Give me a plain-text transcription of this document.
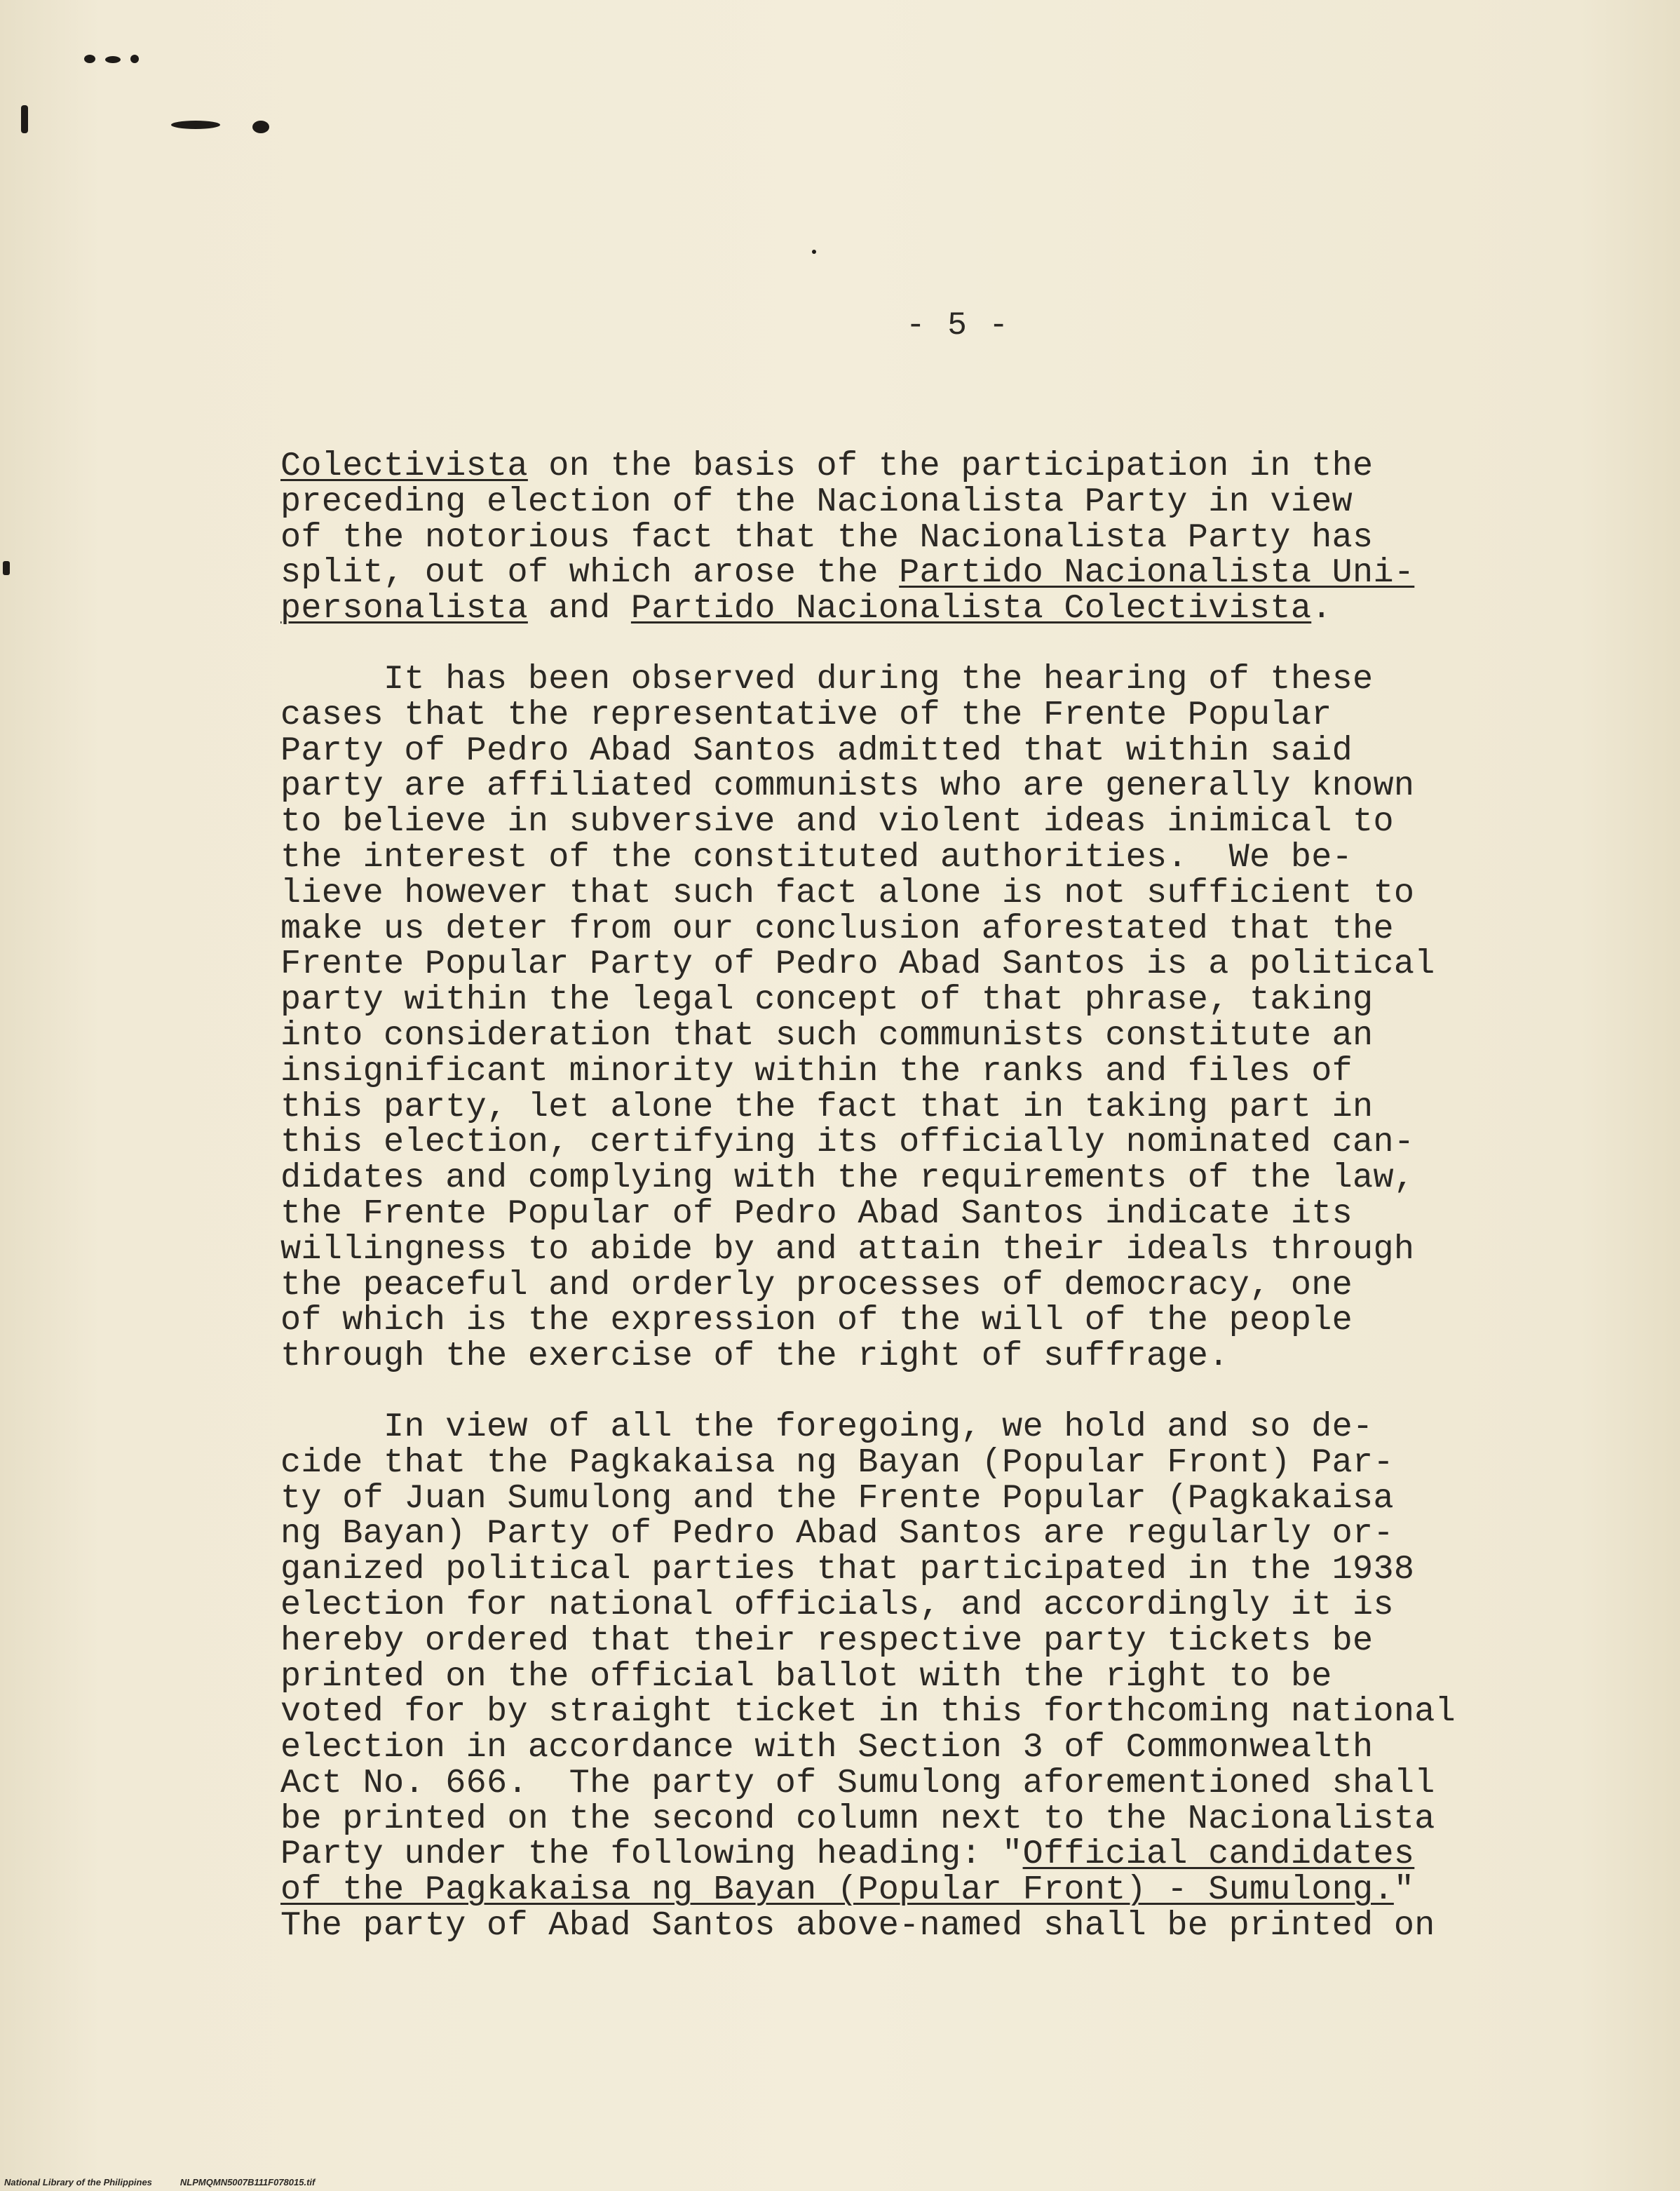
- 5 -
Colectivista on the basis of the participation in the
preceding election of the Nacionalista Party in view
of the notorious fact that the Nacionalista Party has
split, out of which arose the Partido Nacionalista Uni-
personalista and Partido Nacionalista Colectivista.
It has been observed during the hearing of these
cases that the representative of the Frente Popular
Party of Pedro Abad Santos admitted that within said
party are affiliated communists who are generally known
to believe in subversive and violent ideas inimical to
the interest of the constituted authorities.  We be-
lieve however that such fact alone is not sufficient to
make us deter from our conclusion aforestated that the
Frente Popular Party of Pedro Abad Santos is a political
party within the legal concept of that phrase, taking
into consideration that such communists constitute an
insignificant minority within the ranks and files of
this party, let alone the fact that in taking part in
this election, certifying its officially nominated can-
didates and complying with the requirements of the law,
the Frente Popular of Pedro Abad Santos indicate its
willingness to abide by and attain their ideals through
the peaceful and orderly processes of democracy, one
of which is the expression of the will of the people
through the exercise of the right of suffrage.
In view of all the foregoing, we hold and so de-
cide that the Pagkakaisa ng Bayan (Popular Front) Par-
ty of Juan Sumulong and the Frente Popular (Pagkakaisa
ng Bayan) Party of Pedro Abad Santos are regularly or-
ganized political parties that participated in the 1938
election for national officials, and accordingly it is
hereby ordered that their respective party tickets be
printed on the official ballot with the right to be
voted for by straight ticket in this forthcoming national
election in accordance with Section 3 of Commonwealth
Act No. 666.  The party of Sumulong aforementioned shall
be printed on the second column next to the Nacionalista
Party under the following heading: "Official candidates
of the Pagkakaisa ng Bayan (Popular Front) - Sumulong."
The party of Abad Santos above-named shall be printed on
National Library of the Philippines	NLPMQMN5007B111F078015.tif
